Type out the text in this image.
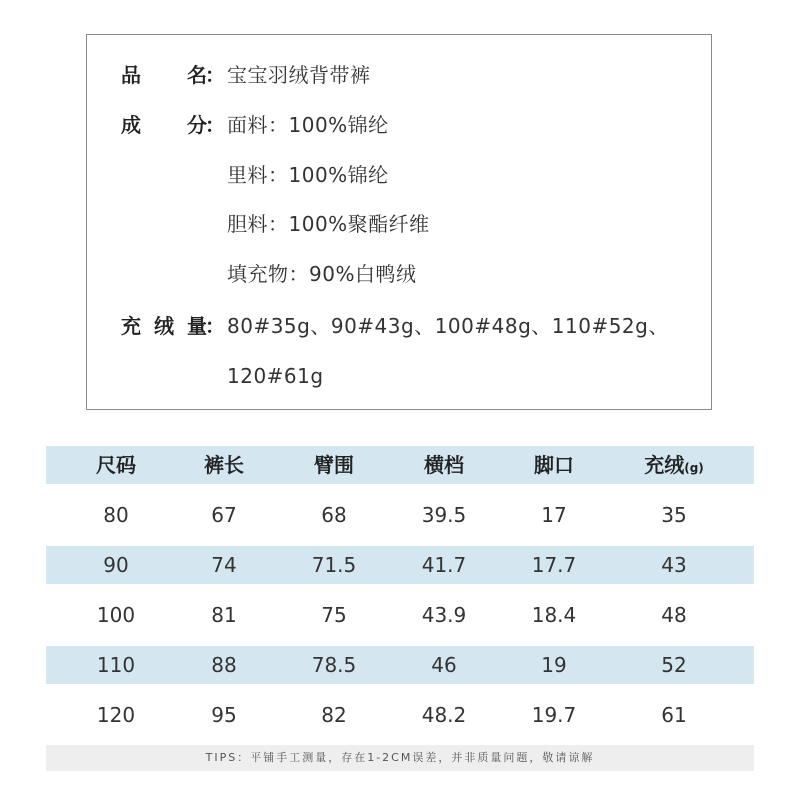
品名
： 宝宝羽绒背带裤
成分
： 面料：100%锦纶
里料：100%锦纶
胆料：100%聚酯纤维
填充物：90%白鸭绒
充绒量
： 80#35g、90#43g、100#48g、110#52g、
120#61g
尺码	裤长	臂围	横档	脚口	充绒(g)
80	67	68	39.5	17	35
90	74	71.5	41.7	17.7	43
100	81	75	43.9	18.4	48
110	88	78.5	46	19	52
120	95	82	48.2	19.7	61
TIPS：平铺手工测量，存在1-2CM误差，并非质量问题，敬请谅解
